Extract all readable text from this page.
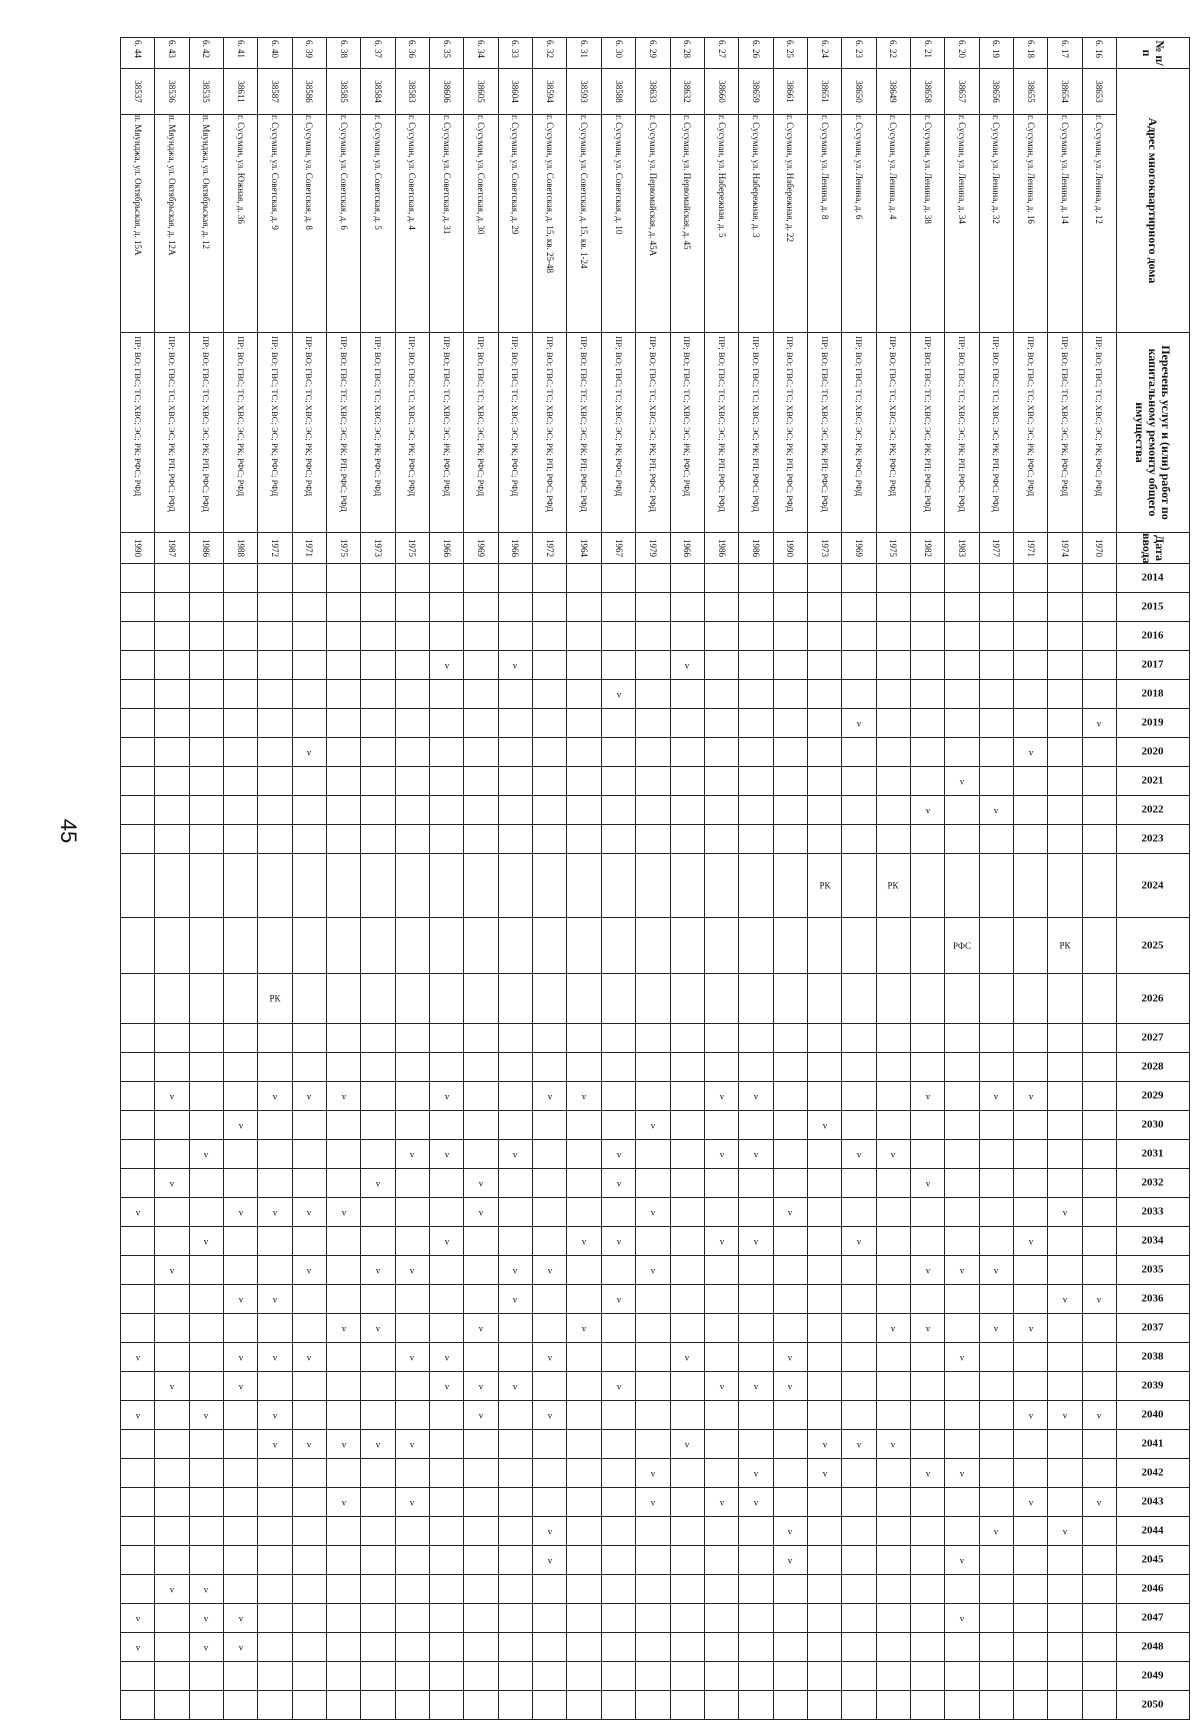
45
№ п/п	Адрес многоквартирного дома		Перечень услуг и (или) работ по капитальному ремонту общего имущества	Дата ввода	2014	2015	2016	2017	2018	2019	2020	2021	2022	2023	2024	2025	2026	2027	2028	2029	2030	2031	2032	2033	2034	2035	2036	2037	2038	2039	2040	2041	2042	2043	2044	2045	2046	2047	2048	2049	2050
6. 16	38653	г. Сусуман, ул. Ленина, д. 12	ПР; ВО; ГВС; ТС; ХВС; ЭС; РК; РФС; РФД	1970						v																	v				v			v							
6. 17	38654	г. Сусуман, ул. Ленина, д. 14	ПР; ВО; ГВС; ТС; ХВС; ЭС; РК; РФС; РФД	1974												РК								v			v				v				v						
6. 18	38655	г. Сусуман, ул. Ленина, д. 16	ПР; ВО; ГВС; ТС; ХВС; ЭС; РК; РФС; РФД	1971							v									v					v			v			v			v							
6. 19	38656	г. Сусуман, ул. Ленина, д. 32	ПР; ВО; ГВС; ТС; ХВС; ЭС; РК; РП; РФС; РФД	1977									v							v						v		v							v						
6. 20	38657	г. Сусуман, ул. Ленина, д. 34	ПР; ВО; ГВС; ТС; ХВС; ЭС; РК; РП; РФС; РФД	1983								v				РФС										v			v				v			v		v			
6. 21	38658	г. Сусуман, ул. Ленина, д. 38	ПР; ВО; ГВС; ТС; ХВС; ЭС; РК; РП; РФС; РФД	1982									v							v			v			v		v					v								
6. 22	38649	г. Сусуман, ул. Ленина, д. 4	ПР; ВО; ГВС; ТС; ХВС; ЭС; РК; РФС; РФД	1975											РК							v						v				v									
6. 23	38650	г. Сусуман, ул. Ленина, д. 6	ПР; ВО; ГВС; ТС; ХВС; ЭС; РК; РФС; РФД	1969						v												v			v							v									
6. 24	38651	г. Сусуман, ул. Ленина, д. 8	ПР; ВО; ГВС; ТС; ХВС; ЭС; РК; РП; РФС; РФД	1973											РК						v											v	v								
6. 25	38661	г. Сусуман, ул. Набережная, д. 22	ПР; ВО; ГВС; ТС; ХВС; ЭС; РК; РП; РФС; РФД	1990																				v					v	v					v	v					
6. 26	38659	г. Сусуман, ул. Набережная, д. 3	ПР; ВО; ГВС; ТС; ХВС; ЭС; РК; РП; РФС; РФД	1986																v		v			v					v			v	v							
6. 27	38660	г. Сусуман, ул. Набережная, д. 5	ПР; ВО; ГВС; ТС; ХВС; ЭС; РК; РП; РФС; РФД	1986																v		v			v					v				v							
6. 28	38632	г. Сусуман, ул. Первомайская, д. 45	ПР; ВО; ГВС; ТС; ХВС; ЭС; РК; РФС; РФД	1966				v																					v			v									
6. 29	38633	г. Сусуман, ул. Первомайская, д. 45А	ПР; ВО; ГВС; ТС; ХВС; ЭС; РК; РП; РФС; РФД	1979																	v			v		v							v	v							
6. 30	38588	г. Сусуман, ул. Советская, д. 10	ПР; ВО; ГВС; ТС; ХВС; ЭС; РК; РФС; РФД	1967					v													v	v		v		v			v											
6. 31	38593	г. Сусуман, ул. Советская, д. 15, кв. 1-24	ПР; ВО; ГВС; ТС; ХВС; ЭС; РК; РП; РФС; РФД	1964																v					v			v													
6. 32	38594	г. Сусуман, ул. Советская, д. 15, кв. 25-48	ПР; ВО; ГВС; ТС; ХВС; ЭС; РК; РП; РФС; РФД	1972																v						v			v		v				v	v					
6. 33	38604	г. Сусуман, ул. Советская, д. 29	ПР; ВО; ГВС; ТС; ХВС; ЭС; РК; РФС; РФД	1966				v														v				v	v			v											
6. 34	38605	г. Сусуман, ул. Советская, д. 30	ПР; ВО; ГВС; ТС; ХВС; ЭС; РК; РФС; РФД	1969																			v	v				v		v	v										
6. 35	38606	г. Сусуман, ул. Советская, д. 31	ПР; ВО; ГВС; ТС; ХВС; ЭС; РК; РФС; РФД	1966				v												v		v			v				v	v											
6. 36	38583	г. Сусуман, ул. Советская, д. 4	ПР; ВО; ГВС; ТС; ХВС; ЭС; РК; РФС; РФД	1975																		v				v			v			v		v							
6. 37	38584	г. Сусуман, ул. Советская, д. 5	ПР; ВО; ГВС; ТС; ХВС; ЭС; РК; РФС; РФД	1973																			v			v		v				v									
6. 38	38585	г. Сусуман, ул. Советская, д. 6	ПР; ВО; ГВС; ТС; ХВС; ЭС; РК; РП; РФС; РФД	1975																v				v				v				v		v							
6. 39	38586	г. Сусуман, ул. Советская, д. 8	ПР; ВО; ГВС; ТС; ХВС; ЭС; РК; РФС; РФД	1971							v									v				v		v			v			v									
6. 40	38587	г. Сусуман, ул. Советская, д. 9	ПР; ВО; ГВС; ТС; ХВС; ЭС; РК; РФС; РФД	1972													РК			v				v			v		v		v	v									
6. 41	38611	г. Сусуман, ул. Южная, д. 36	ПР; ВО; ГВС; ТС; ХВС; ЭС; РК; РФС; РФД	1988																	v			v			v		v	v								v	v		
6. 42	38535	п. Мяунджа, ул. Октябрьская, д. 12	ПР; ВО; ГВС; ТС; ХВС; ЭС; РК; РП; РФС; РФД	1986																		v			v						v						v	v	v		
6. 43	38536	п. Мяунджа, ул. Октябрьская, д. 12А	ПР; ВО; ГВС; ТС; ХВС; ЭС; РК; РП; РФС; РФД	1987																v			v			v				v							v				
6. 44	38537	п. Мяунджа, ул. Октябрьская, д. 15А	ПР; ВО; ГВС; ТС; ХВС; ЭС; РК; РФС; РФД	1990																				v					v		v							v	v		
